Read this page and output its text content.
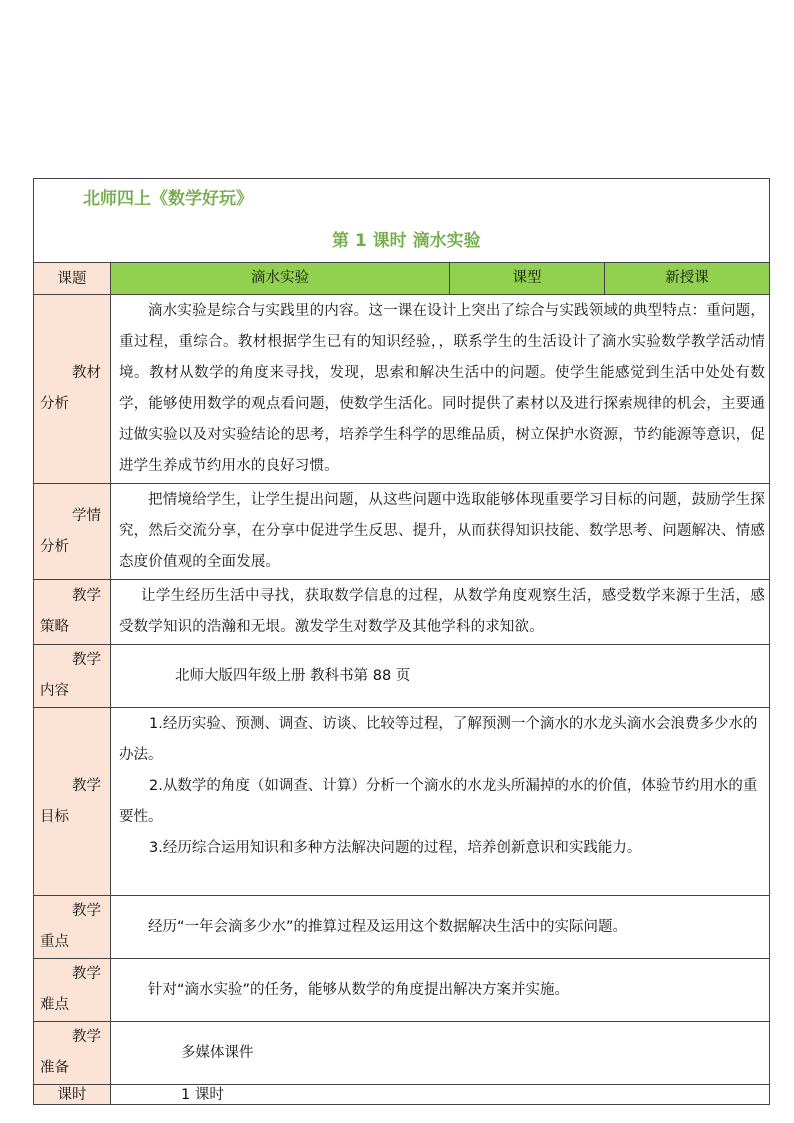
北师四上《数学好玩》
第 1 课时 滴水实验			

课题	滴水实验	课型	新授课

教材
分析	滴水实验是综合与实践里的内容。这一课在设计上突出了综合与实践领域的典型特点：重问题，重过程，重综合。教材根据学生已有的知识经验，，联系学生的生活设计了滴水实验数学教学活动情境。教材从数学的角度来寻找，发现，思索和解决生活中的问题。使学生能感觉到生活中处处有数学，能够使用数学的观点看问题，使数学生活化。同时提供了素材以及进行探索规律的机会，主要通过做实验以及对实验结论的思考，培养学生科学的思维品质，树立保护水资源，节约能源等意识，促进学生养成节约用水的良好习惯。		

学情
分析	把情境给学生，让学生提出问题，从这些问题中选取能够体现重要学习目标的问题，鼓励学生探究，然后交流分享，在分享中促进学生反思、提升，从而获得知识技能、数学思考、问题解决、情感态度价值观的全面发展。		

教学
策略	让学生经历生活中寻找，获取数学信息的过程，从数学角度观察生活，感受数学来源于生活，感受数学知识的浩瀚和无垠。激发学生对数学及其他学科的求知欲。		

教学
内容	北师大版四年级上册 教科书第 88 页		

教学
目标	1.经历实验、预测、调查、访谈、比较等过程，了解预测一个滴水的水龙头滴水会浪费多少水的办法。
2.从数学的角度（如调查、计算）分析一个滴水的水龙头所漏掉的水的价值，体验节约用水的重要性。
3.经历综合运用知识和多种方法解决问题的过程，培养创新意识和实践能力。		

教学
重点	经历“一年会滴多少水”的推算过程及运用这个数据解决生活中的实际问题。		

教学
难点	针对“滴水实验”的任务，能够从数学的角度提出解决方案并实施。		

教学
准备	多媒体课件		
课时	1 课时		
